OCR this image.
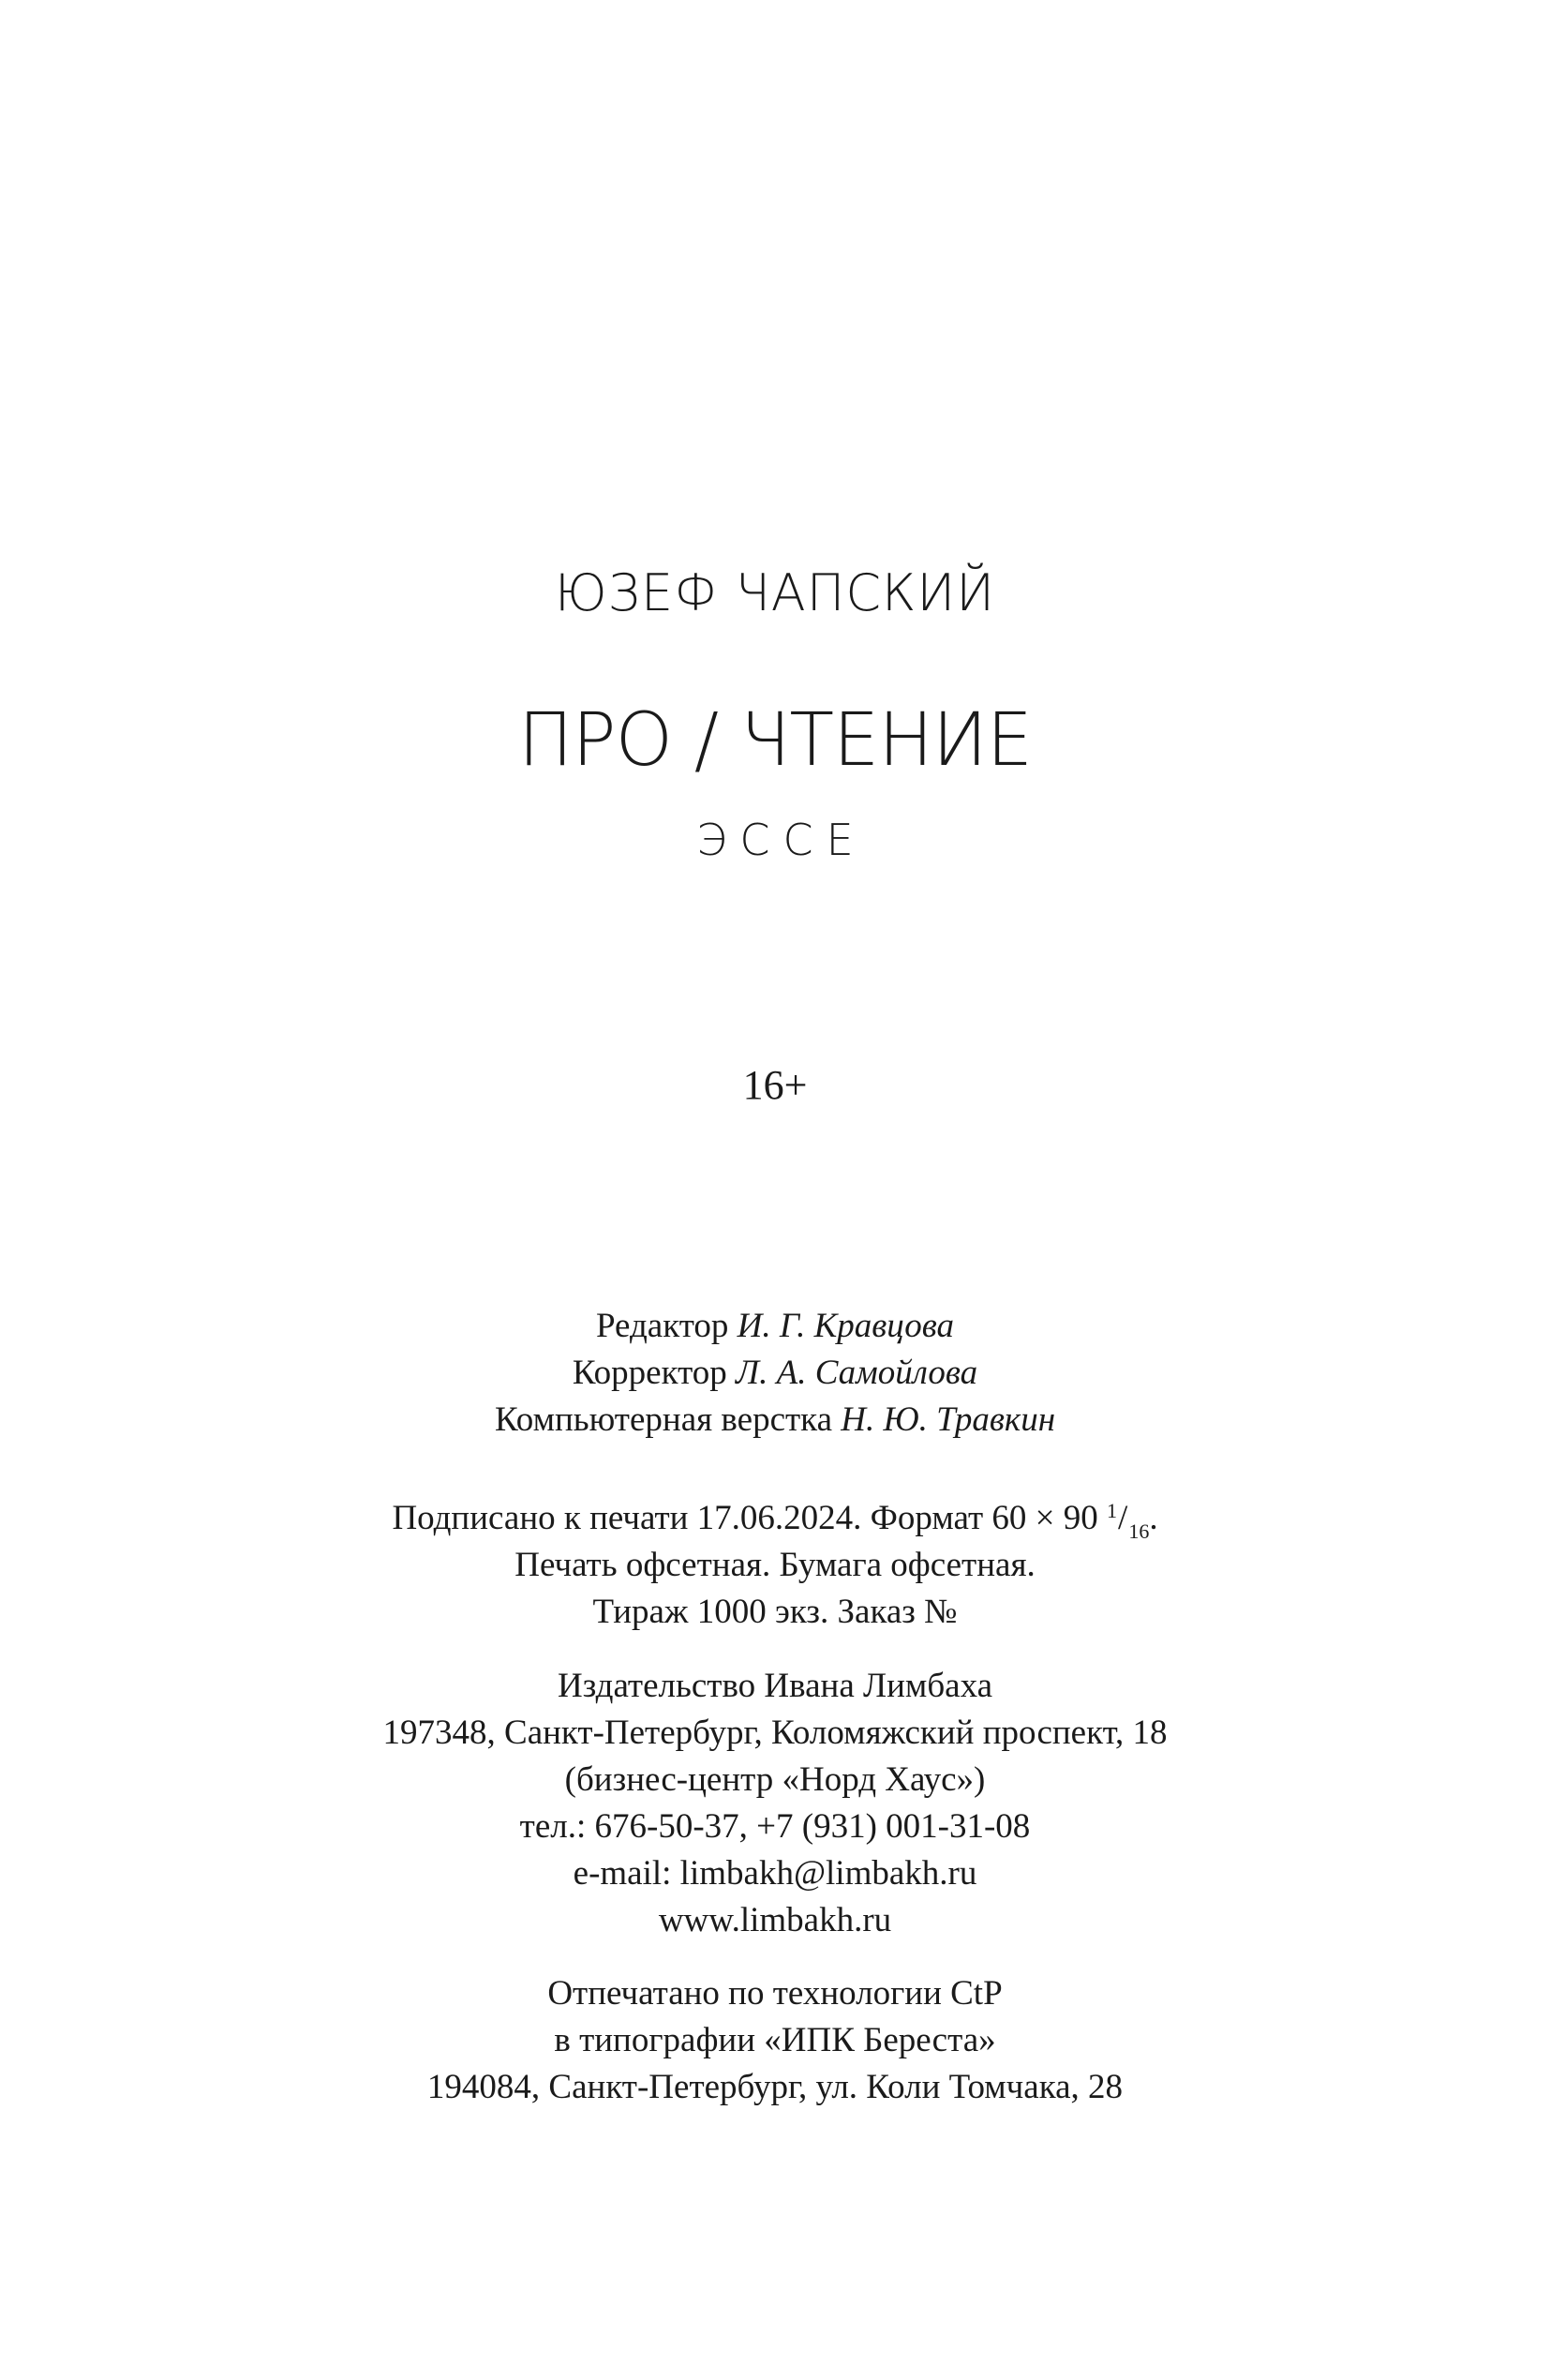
ЮЗЕФ ЧАПСКИЙ
ПРО / ЧТЕНИЕ
ЭССЕ
16+
Редактор И. Г. Кравцова
Корректор Л. А. Самойлова
Компьютерная верстка Н. Ю. Травкин
Подписано к печати 17.06.2024. Формат 60 × 90 $^1/_{16}$.
Печать офсетная. Бумага офсетная.
Тираж 1000 экз. Заказ №
Издательство Ивана Лимбаха
197348, Санкт-Петербург, Коломяжский проспект, 18
(бизнес-центр «Норд Хаус»)
тел.: 676-50-37, +7 (931) 001-31-08
e-mail: limbakh@limbakh.ru
www.limbakh.ru
Отпечатано по технологии CtP
в типографии «ИПК Береста»
194084, Санкт-Петербург, ул. Коли Томчака, 28
